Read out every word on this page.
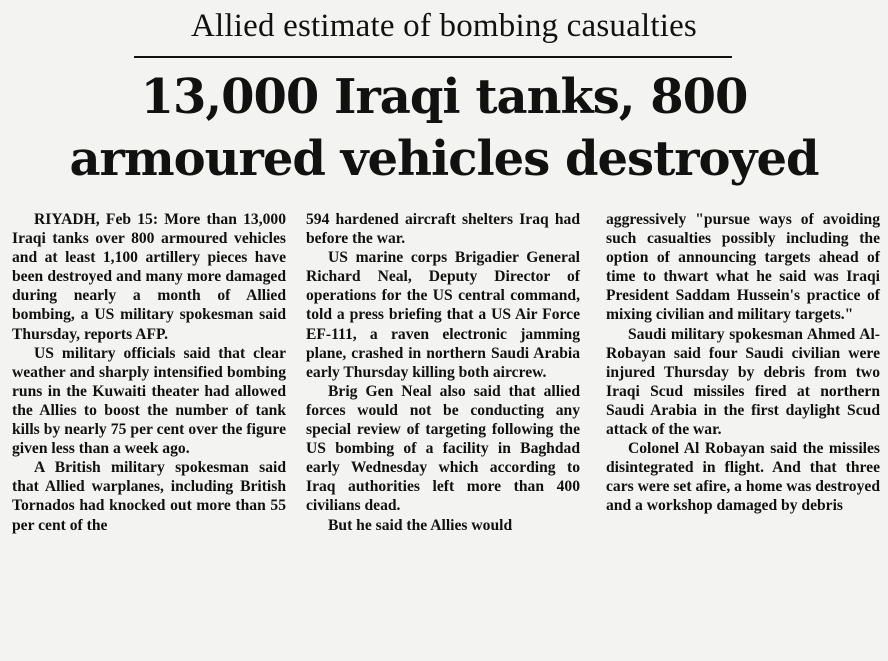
Allied estimate of bombing casualties
13,000 Iraqi tanks, 800
armoured vehicles destroyed

RIYADH, Feb 15: More than 13,000 Iraqi tanks over 800 armoured vehicles and at least 1,100 artillery pieces have been destroyed and many more damaged during nearly a month of Allied bombing, a US military spokesman said Thursday, reports AFP.

US military officials said that clear weather and sharply intensified bombing runs in the Kuwaiti theater had allowed the Allies to boost the number of tank kills by nearly 75 per cent over the figure given less than a week ago.

A British military spokesman said that Allied warplanes, including British Tornados had knocked out more than 55 per cent of the

594 hardened aircraft shelters Iraq had before the war.

US marine corps Brigadier General Richard Neal, Deputy Director of operations for the US central command, told a press briefing that a US Air Force EF-111, a raven electronic jamming plane, crashed in northern Saudi Arabia early Thursday killing both aircrew.

Brig Gen Neal also said that allied forces would not be conducting any special review of targeting following the US bombing of a facility in Baghdad early Wednesday which according to Iraq authorities left more than 400 civilians dead.

But he said the Allies would

aggressively "pursue ways of avoiding such casualties possibly including the option of announcing targets ahead of time to thwart what he said was Iraqi President Saddam Hussein's practice of mixing civilian and military targets."

Saudi military spokesman Ahmed Al-Robayan said four Saudi civilian were injured Thursday by debris from two Iraqi Scud missiles fired at northern Saudi Arabia in the first daylight Scud attack of the war.

Colonel Al Robayan said the missiles disintegrated in flight. And that three cars were set afire, a home was destroyed and a workshop damaged by debris
